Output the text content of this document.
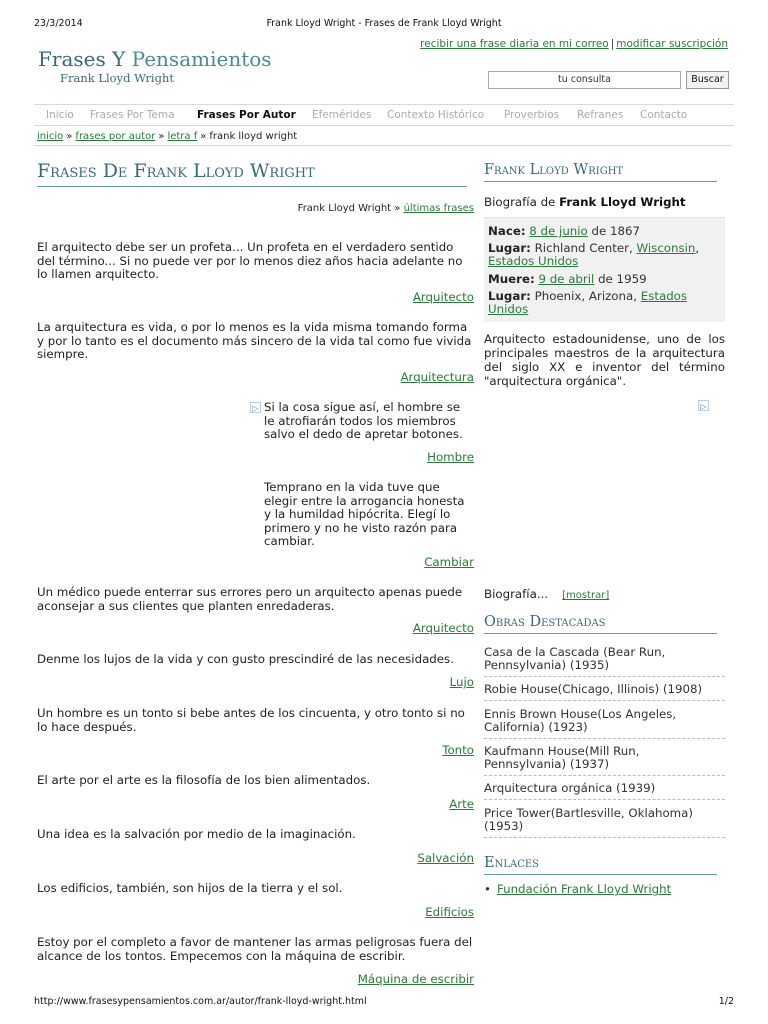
23/3/2014	Frank Lloyd Wright - Frases de Frank Lloyd Wright
recibir una frase diaria en mi correo | modificar suscripción
Frases Y Pensamientos
Frank Lloyd Wright	tu consulta	Buscar
Inicio Frases Por Tema Frases Por Autor Efemérides Contexto Histórico Proverbios Refranes Contacto
inicio » frases por autor » letra f » frank lloyd wright
Frases De Frank Lloyd Wright
Frank Lloyd Wright » últimas frases
El arquitecto debe ser un profeta... Un profeta en el verdadero sentido del término... Si no puede ver por lo menos diez años hacia adelante no lo llamen arquitecto.
Arquitecto
La arquitectura es vida, o por lo menos es la vida misma tomando forma y por lo tanto es el documento más sincero de la vida tal como fue vivida siempre.
Arquitectura
▷ Si la cosa sigue así, el hombre se le atrofiarán todos los miembros salvo el dedo de apretar botones.
Hombre
Temprano en la vida tuve que elegir entre la arrogancia honesta y la humildad hipócrita. Elegí lo primero y no he visto razón para cambiar.
Cambiar
Un médico puede enterrar sus errores pero un arquitecto apenas puede aconsejar a sus clientes que planten enredaderas.
Arquitecto
Denme los lujos de la vida y con gusto prescindiré de las necesidades.
Lujo
Un hombre es un tonto si bebe antes de los cincuenta, y otro tonto si no lo hace después.
Tonto
El arte por el arte es la filosofía de los bien alimentados.
Arte
Una idea es la salvación por medio de la imaginación.
Salvación
Los edificios, también, son hijos de la tierra y el sol.
Edificios
Estoy por el completo a favor de mantener las armas peligrosas fuera del alcance de los tontos. Empecemos con la máquina de escribir.
Máquina de escribir
Frank Lloyd Wright
Biografía de Frank Lloyd Wright
Nace: 8 de junio de 1867
Lugar: Richland Center, Wisconsin,
Estados Unidos
Muere: 9 de abril de 1959
Lugar: Phoenix, Arizona, Estados Unidos
Arquitecto estadounidense, uno de los principales maestros de la arquitectura del siglo XX e inventor del término "arquitectura orgánica".
▷
Biografía... [mostrar]
Obras Destacadas
Casa de la Cascada (Bear Run, Pennsylvania) (1935)
Robie House(Chicago, Illinois) (1908)
Ennis Brown House(Los Angeles, California) (1923)
Kaufmann House(Mill Run, Pennsylvania) (1937)
Arquitectura orgánica (1939)
Price Tower(Bartlesville, Oklahoma) (1953)
Enlaces
• Fundación Frank Lloyd Wright
http://www.frasesypensamientos.com.ar/autor/frank-lloyd-wright.html	1/2
